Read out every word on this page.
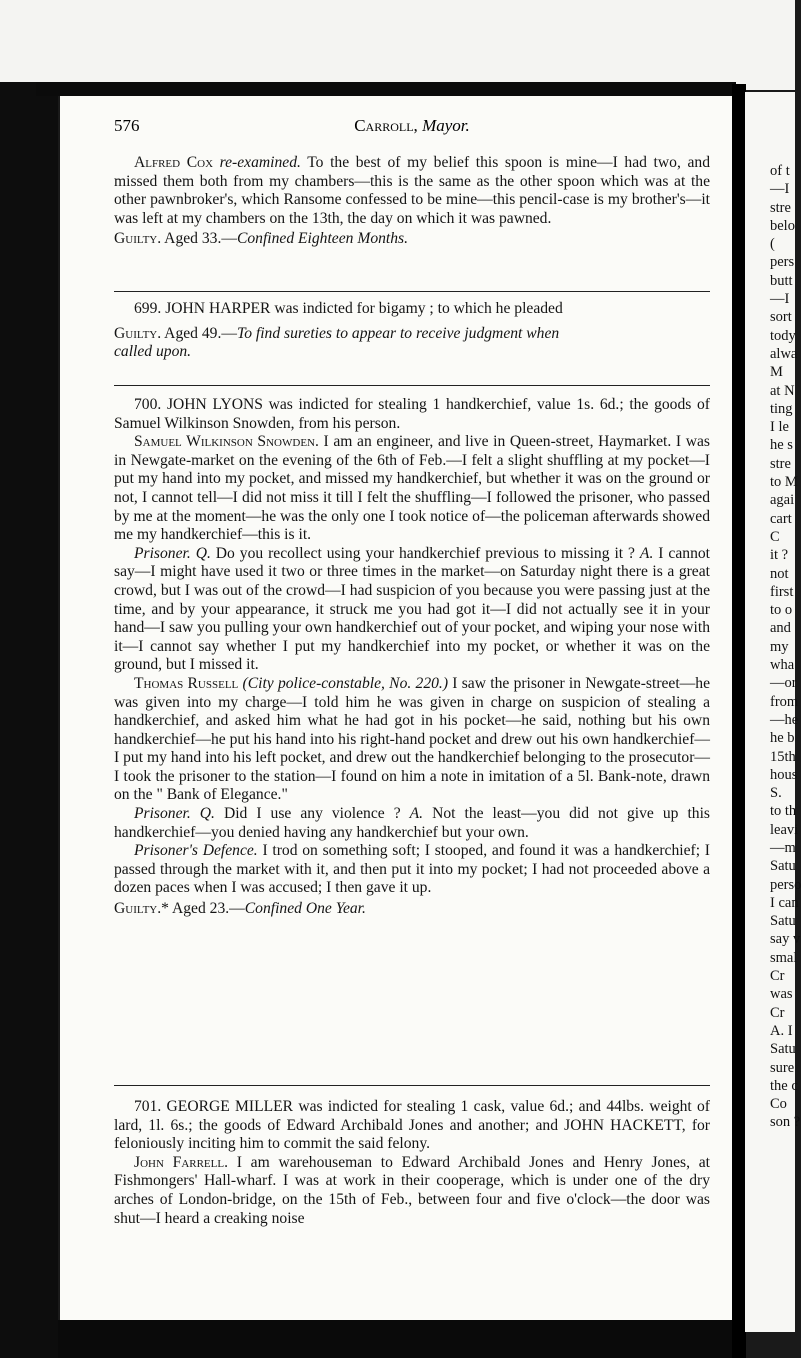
of t
—I
stre
belo
(
pers
butt
—I
sort
tody
alwa
M
at N
ting
I le
he s
stre
to M
agai
cart
C
it ?
not
first
to o
and
my
wha
—or
from
—he
he b
15th
hous
S.
to th
leavi
—m
Satu
perso
I can
Satu
say v
smal
Cr
was
Cr
A. I
Satu
sure
the c
Co
son ?
576	Carroll, Mayor.

Alfred Cox re-examined. To the best of my belief this spoon is mine—I had two, and missed them both from my chambers—this is the same as the other spoon which was at the other pawnbroker's, which Ransome confessed to be mine—this pencil-case is my brother's—it was left at my chambers on the 13th, the day on which it was pawned.

Guilty. Aged 33.—Confined Eighteen Months.

699. JOHN HARPER was indicted for bigamy ; to which he pleaded

Guilty. Aged 49.—To find sureties to appear to receive judgment when

called upon.

700. JOHN LYONS was indicted for stealing 1 handkerchief, value 1s. 6d.; the goods of Samuel Wilkinson Snowden, from his person.

Samuel Wilkinson Snowden. I am an engineer, and live in Queen-street, Haymarket. I was in Newgate-market on the evening of the 6th of Feb.—I felt a slight shuffling at my pocket—I put my hand into my pocket, and missed my handkerchief, but whether it was on the ground or not, I cannot tell—I did not miss it till I felt the shuffling—I followed the prisoner, who passed by me at the moment—he was the only one I took notice of—the policeman afterwards showed me my handkerchief—this is it.

Prisoner. Q. Do you recollect using your handkerchief previous to missing it ? A. I cannot say—I might have used it two or three times in the market—on Saturday night there is a great crowd, but I was out of the crowd—I had suspicion of you because you were passing just at the time, and by your appearance, it struck me you had got it—I did not actually see it in your hand—I saw you pulling your own handkerchief out of your pocket, and wiping your nose with it—I cannot say whether I put my handkerchief into my pocket, or whether it was on the ground, but I missed it.

Thomas Russell (City police-constable, No. 220.) I saw the prisoner in Newgate-street—he was given into my charge—I told him he was given in charge on suspicion of stealing a handkerchief, and asked him what he had got in his pocket—he said, nothing but his own handkerchief—he put his hand into his right-hand pocket and drew out his own handkerchief—I put my hand into his left pocket, and drew out the handkerchief belonging to the prosecutor—I took the prisoner to the station—I found on him a note in imitation of a 5l. Bank-note, drawn on the " Bank of Elegance."

Prisoner. Q. Did I use any violence ? A. Not the least—you did not give up this handkerchief—you denied having any handkerchief but your own.

Prisoner's Defence. I trod on something soft; I stooped, and found it was a handkerchief; I passed through the market with it, and then put it into my pocket; I had not proceeded above a dozen paces when I was accused; I then gave it up.

Guilty.* Aged 23.—Confined One Year.

701. GEORGE MILLER was indicted for stealing 1 cask, value 6d.; and 44lbs. weight of lard, 1l. 6s.; the goods of Edward Archibald Jones and another; and JOHN HACKETT, for feloniously inciting him to commit the said felony.

John Farrell. I am warehouseman to Edward Archibald Jones and Henry Jones, at Fishmongers' Hall-wharf. I was at work in their cooperage, which is under one of the dry arches of London-bridge, on the 15th of Feb., between four and five o'clock—the door was shut—I heard a creaking noise
